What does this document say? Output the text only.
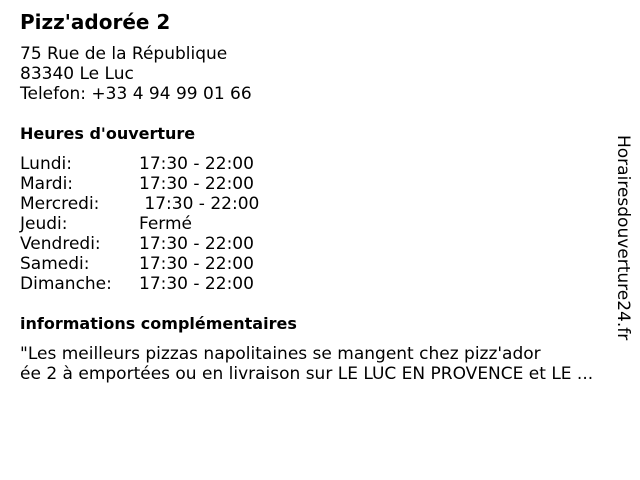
Pizz'adorée 2
75 Rue de la République
83340 Le Luc
Telefon: +33 4 94 99 01 66
Heures d'ouverture
Lundi:	17:30 - 22:00
Mardi:	17:30 - 22:00
Mercredi: 17:30 - 22:00
Jeudi:	Fermé
Vendredi: 17:30 - 22:00
Samedi:	17:30 - 22:00
Dimanche: 17:30 - 22:00
informations complémentaires
"Les meilleurs pizzas napolitaines se mangent chez pizz'ador
ée 2 à emportées ou en livraison sur LE LUC EN PROVENCE et LE ...
Horairesdouverture24.fr
